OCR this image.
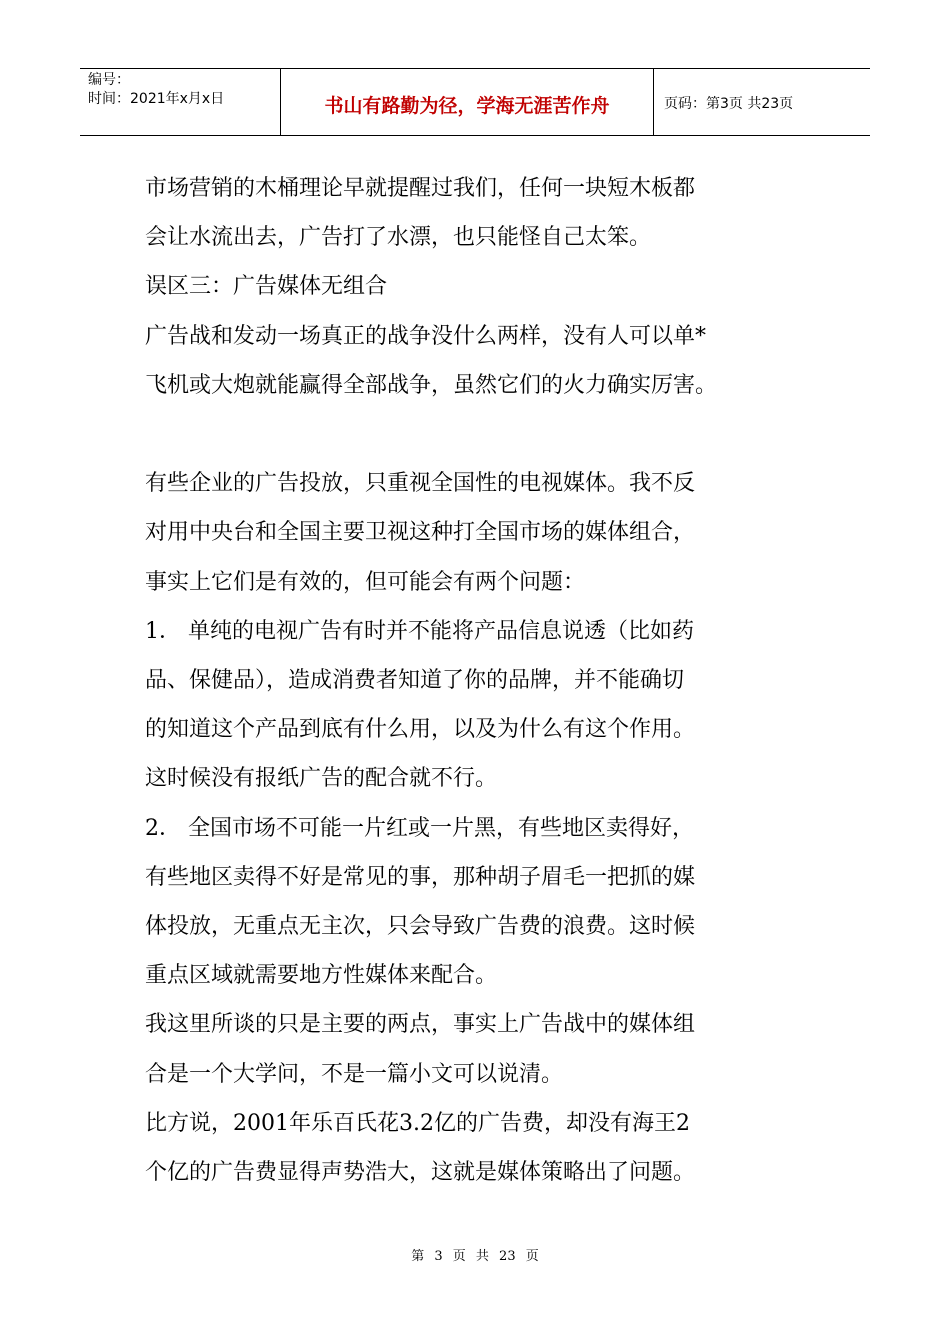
编号：
时间：2021年x月x日	书山有路勤为径，学海无涯苦作舟	页码：第3页 共23页

市场营销的木桶理论早就提醒过我们，任何一块短木板都

会让水流出去，广告打了水漂，也只能怪自己太笨。

误区三：广告媒体无组合

广告战和发动一场真正的战争没什么两样，没有人可以单*

飞机或大炮就能赢得全部战争，虽然它们的火力确实厉害。

有些企业的广告投放，只重视全国性的电视媒体。我不反

对用中央台和全国主要卫视这种打全国市场的媒体组合，

事实上它们是有效的，但可能会有两个问题：

1． 单纯的电视广告有时并不能将产品信息说透（比如药

品、保健品），造成消费者知道了你的品牌，并不能确切

的知道这个产品到底有什么用，以及为什么有这个作用。

这时候没有报纸广告的配合就不行。

2． 全国市场不可能一片红或一片黑，有些地区卖得好，

有些地区卖得不好是常见的事，那种胡子眉毛一把抓的媒

体投放，无重点无主次，只会导致广告费的浪费。这时候

重点区域就需要地方性媒体来配合。

我这里所谈的只是主要的两点，事实上广告战中的媒体组

合是一个大学问，不是一篇小文可以说清。

比方说，2001年乐百氏花3.2亿的广告费，却没有海王2

个亿的广告费显得声势浩大，这就是媒体策略出了问题。

第 3 页 共 23 页
